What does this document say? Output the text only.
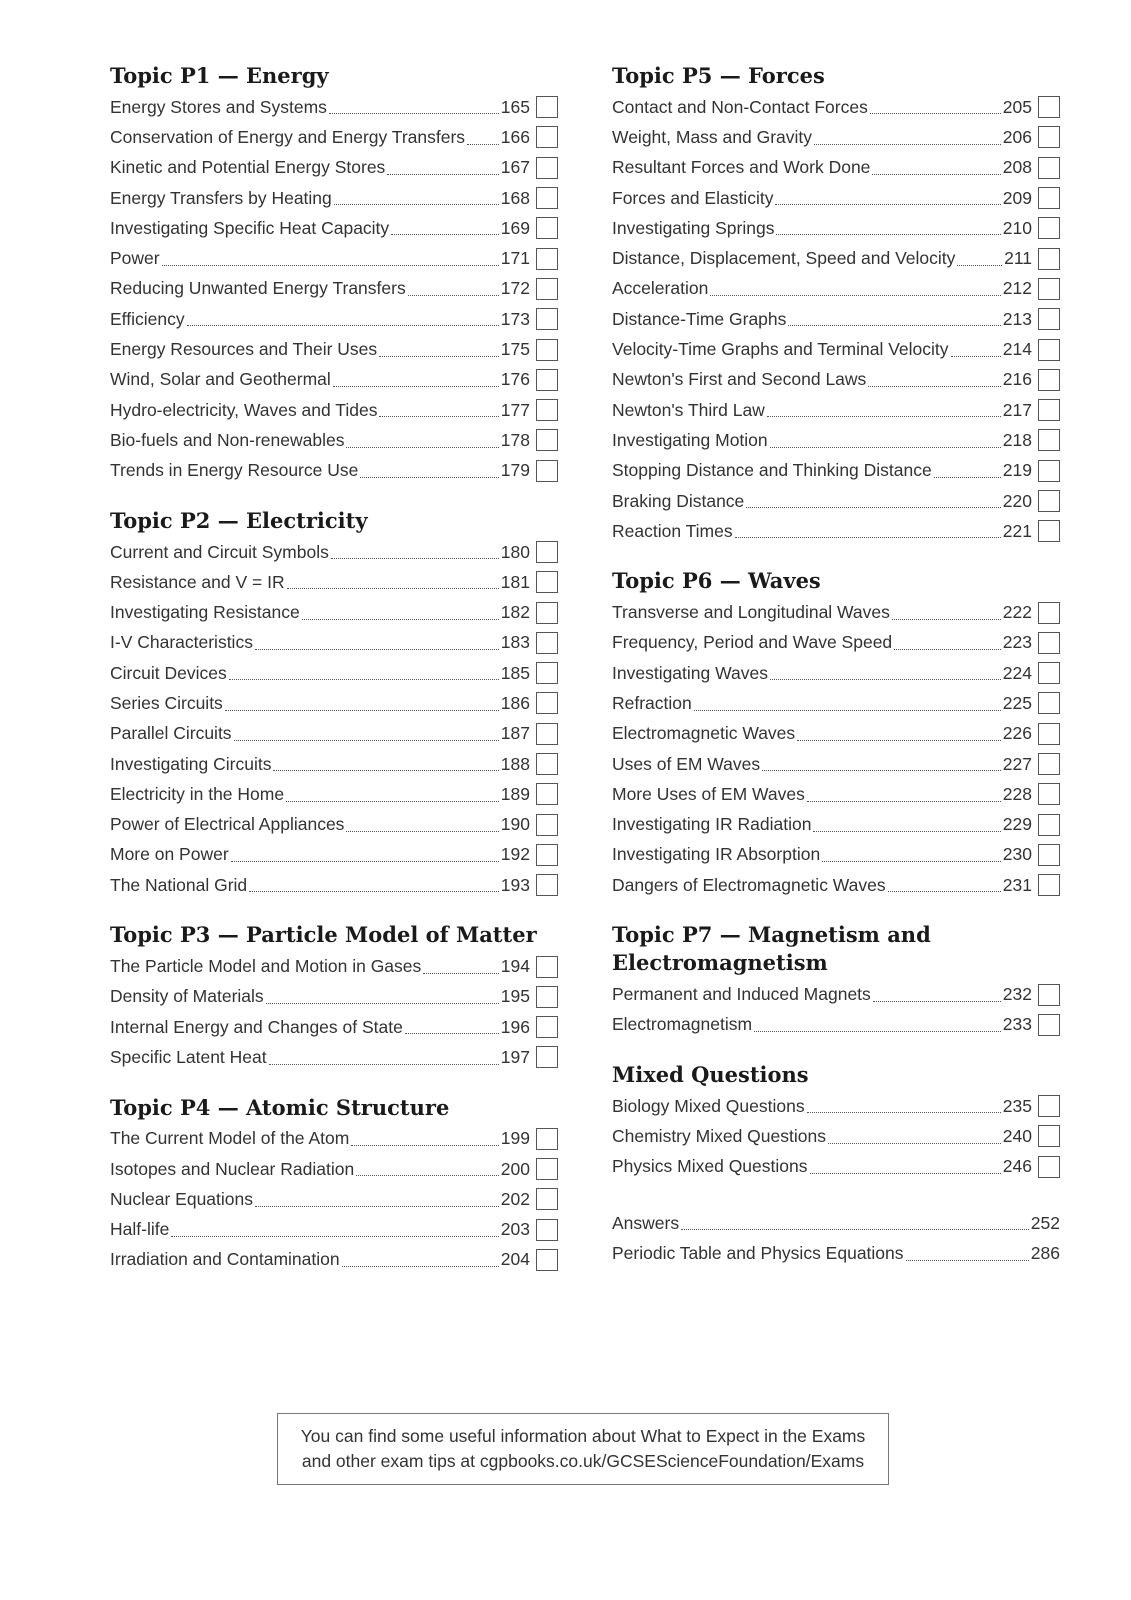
Topic P1 — Energy
Energy Stores and Systems	165
Conservation of Energy and Energy Transfers 166
Kinetic and Potential Energy Stores	167
Energy Transfers by Heating	168
Investigating Specific Heat Capacity	169
Power	171
Reducing Unwanted Energy Transfers	172
Efficiency	173
Energy Resources and Their Uses	175
Wind, Solar and Geothermal	176
Hydro-electricity, Waves and Tides	177
Bio-fuels and Non-renewables	178
Trends in Energy Resource Use	179
Topic P2 — Electricity
Current and Circuit Symbols	180
Resistance and V = IR	181
Investigating Resistance	182
I-V Characteristics	183
Circuit Devices	185
Series Circuits	186
Parallel Circuits	187
Investigating Circuits	188
Electricity in the Home	189
Power of Electrical Appliances	190
More on Power	192
The National Grid	193
Topic P3 — Particle Model of Matter
The Particle Model and Motion in Gases	194
Density of Materials	195
Internal Energy and Changes of State	196
Specific Latent Heat	197
Topic P4 — Atomic Structure
The Current Model of the Atom	199
Isotopes and Nuclear Radiation	200
Nuclear Equations	202
Half-life	203
Irradiation and Contamination	204
Topic P5 — Forces
Contact and Non-Contact Forces	205
Weight, Mass and Gravity	206
Resultant Forces and Work Done	208
Forces and Elasticity	209
Investigating Springs	210
Distance, Displacement, Speed and Velocity	211
Acceleration	212
Distance-Time Graphs	213
Velocity-Time Graphs and Terminal Velocity	214
Newton's First and Second Laws	216
Newton's Third Law	217
Investigating Motion	218
Stopping Distance and Thinking Distance	219
Braking Distance	220
Reaction Times	221
Topic P6 — Waves
Transverse and Longitudinal Waves	222
Frequency, Period and Wave Speed	223
Investigating Waves	224
Refraction	225
Electromagnetic Waves	226
Uses of EM Waves	227
More Uses of EM Waves	228
Investigating IR Radiation	229
Investigating IR Absorption	230
Dangers of Electromagnetic Waves	231
Topic P7 — Magnetism and
Electromagnetism
Permanent and Induced Magnets	232
Electromagnetism	233
Mixed Questions
Biology Mixed Questions	235
Chemistry Mixed Questions	240
Physics Mixed Questions	246
Answers	252
Periodic Table and Physics Equations	286
You can find some useful information about What to Expect in the Exams
and other exam tips at cgpbooks.co.uk/GCSEScienceFoundation/Exams
